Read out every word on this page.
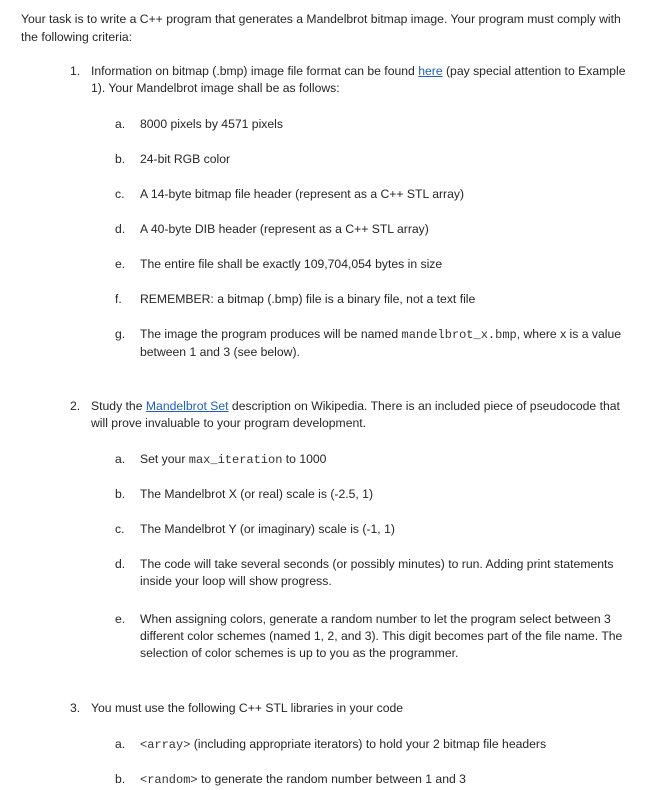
Your task is to write a C++ program that generates a Mandelbrot bitmap image. Your program must comply with the following criteria:
1. Information on bitmap (.bmp) image file format can be found here (pay special attention to Example 1). Your Mandelbrot image shall be as follows:
a. 8000 pixels by 4571 pixels
b. 24-bit RGB color
c. A 14-byte bitmap file header (represent as a C++ STL array)
d. A 40-byte DIB header (represent as a C++ STL array)
e. The entire file shall be exactly 109,704,054 bytes in size
f. REMEMBER: a bitmap (.bmp) file is a binary file, not a text file
g. The image the program produces will be named mandelbrot_x.bmp, where x is a value between 1 and 3 (see below).
2. Study the Mandelbrot Set description on Wikipedia. There is an included piece of pseudocode that will prove invaluable to your program development.
a. Set your max_iteration to 1000
b. The Mandelbrot X (or real) scale is (-2.5, 1)
c. The Mandelbrot Y (or imaginary) scale is (-1, 1)
d. The code will take several seconds (or possibly minutes) to run. Adding print statements inside your loop will show progress.
e. When assigning colors, generate a random number to let the program select between 3 different color schemes (named 1, 2, and 3). This digit becomes part of the file name. The selection of color schemes is up to you as the programmer.
3. You must use the following C++ STL libraries in your code
a. <array> (including appropriate iterators) to hold your 2 bitmap file headers
b. <random> to generate the random number between 1 and 3
